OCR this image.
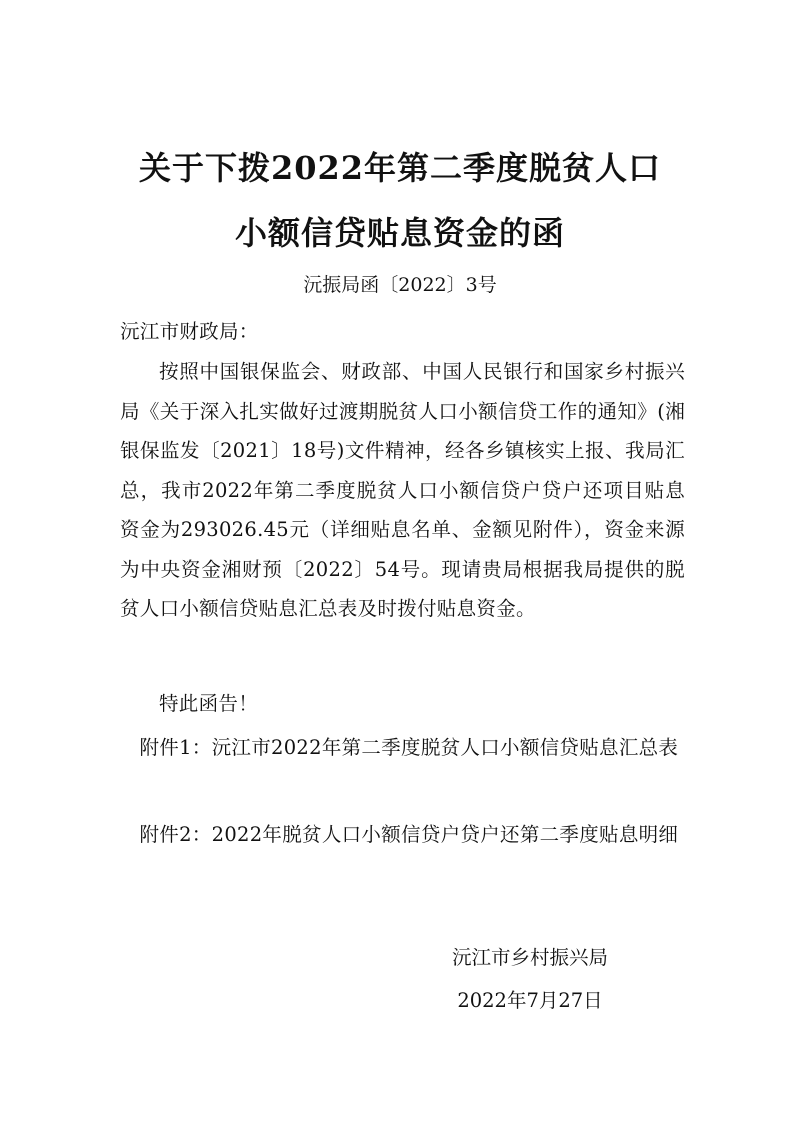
关于下拨2022年第二季度脱贫人口
小额信贷贴息资金的函
沅振局函〔2022〕3号
沅江市财政局：
按照中国银保监会、财政部、中国人民银行和国家乡村振兴局《关于深入扎实做好过渡期脱贫人口小额信贷工作的通知》(湘银保监发〔2021〕18号)文件精神，经各乡镇核实上报、我局汇总，我市2022年第二季度脱贫人口小额信贷户贷户还项目贴息资金为293026.45元（详细贴息名单、金额见附件），资金来源为中央资金湘财预〔2022〕54号。现请贵局根据我局提供的脱贫人口小额信贷贴息汇总表及时拨付贴息资金。
特此函告！
附件1：沅江市2022年第二季度脱贫人口小额信贷贴息汇总表
附件2：2022年脱贫人口小额信贷户贷户还第二季度贴息明细
沅江市乡村振兴局
2022年7月27日
